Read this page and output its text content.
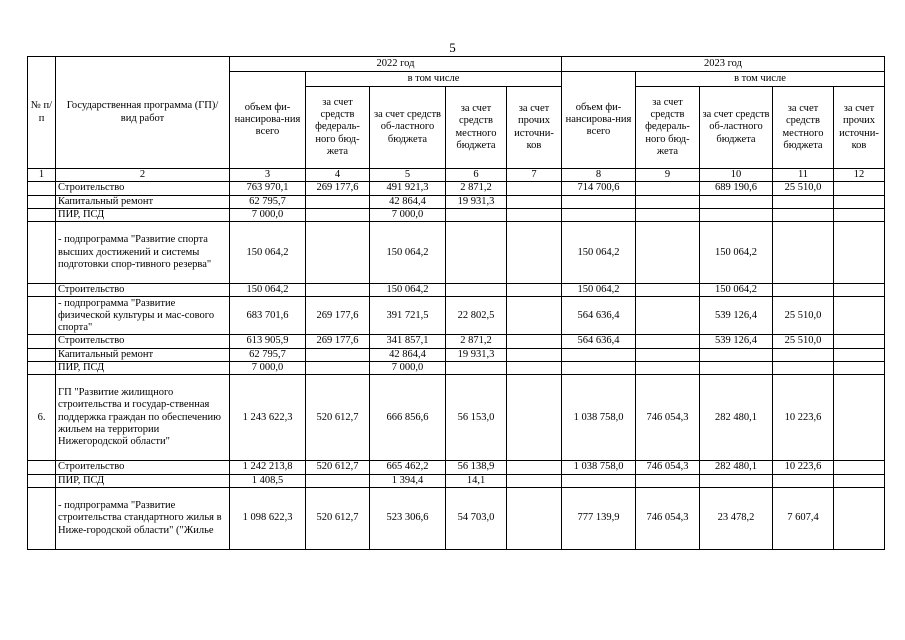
5
№ п/п	Государственная программа (ГП)/ вид работ	2022 год					2023 год				
		объем фи-нансирова-ния всего	в том числе				объем фи-нансирова-ния всего	в том числе			
			за счет средств федераль-ного бюд-жета	за счет средств об-ластного бюджета	за счет средств местного бюджета	за счет прочих источни-ков		за счет средств федераль-ного бюд-жета	за счет средств об-ластного бюджета	за счет средств местного бюджета	за счет прочих источни-ков
1	2	3	4	5	6	7	8	9	10	11	12
	Строительство	763 970,1	269 177,6	491 921,3	2 871,2		714 700,6		689 190,6	25 510,0	
	Капитальный ремонт	62 795,7		42 864,4	19 931,3						
	ПИР, ПСД	7 000,0		7 000,0							
	- подпрограмма "Развитие спорта высших достижений и системы подготовки спор-тивного резерва"	150 064,2		150 064,2			150 064,2		150 064,2		
	Строительство	150 064,2		150 064,2			150 064,2		150 064,2		
	- подпрограмма "Развитие физической культуры и мас-сового спорта"	683 701,6	269 177,6	391 721,5	22 802,5		564 636,4		539 126,4	25 510,0	
	Строительство	613 905,9	269 177,6	341 857,1	2 871,2		564 636,4		539 126,4	25 510,0	
	Капитальный ремонт	62 795,7		42 864,4	19 931,3						
	ПИР, ПСД	7 000,0		7 000,0							
6.	ГП "Развитие жилищного строительства и государ-ственная поддержка граждан по обеспечению жильем на территории Нижегородской области"	1 243 622,3	520 612,7	666 856,6	56 153,0		1 038 758,0	746 054,3	282 480,1	10 223,6	
	Строительство	1 242 213,8	520 612,7	665 462,2	56 138,9		1 038 758,0	746 054,3	282 480,1	10 223,6	
	ПИР, ПСД	1 408,5		1 394,4	14,1						
	- подпрограмма "Развитие строительства стандартного жилья в Ниже-городской области" ("Жилье	1 098 622,3	520 612,7	523 306,6	54 703,0		777 139,9	746 054,3	23 478,2	7 607,4	
